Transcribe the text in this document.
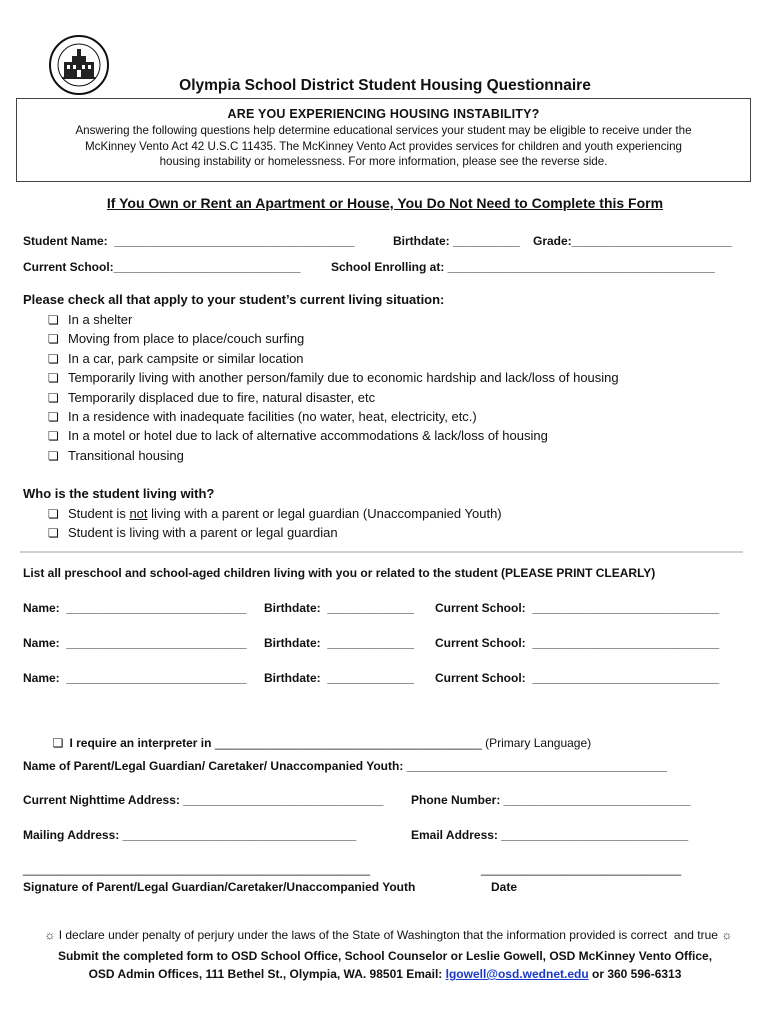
Olympia School District Student Housing Questionnaire
ARE YOU EXPERIENCING HOUSING INSTABILITY?
Answering the following questions help determine educational services your student may be eligible to receive under the
McKinney Vento Act 42 U.S.C 11435. The McKinney Vento Act provides services for children and youth experiencing
housing instability or homelessness. For more information, please see the reverse side.
If You Own or Rent an Apartment or House, You Do Not Need to Complete this Form
Student Name:  ____________________________________	Birthdate: __________ Grade:________________________
Current School:____________________________	School Enrolling at: ________________________________________
Please check all that apply to your student’s current living situation:
❏ In a shelter
❏ Moving from place to place/couch surfing
❏ In a car, park campsite or similar location
❏ Temporarily living with another person/family due to economic hardship and lack/loss of housing
❏ Temporarily displaced due to fire, natural disaster, etc
❏ In a residence with inadequate facilities (no water, heat, electricity, etc.)
❏ In a motel or hotel due to lack of alternative accommodations & lack/loss of housing
❏ Transitional housing
Who is the student living with?
❏ Student is not living with a parent or legal guardian (Unaccompanied Youth)
❏ Student is living with a parent or legal guardian
List all preschool and school-aged children living with you or related to the student (PLEASE PRINT CLEARLY)
Name:  ___________________________ Birthdate:  _____________ Current School:  ____________________________
Name:  ___________________________ Birthdate:  _____________ Current School:  ____________________________
Name:  ___________________________ Birthdate:  _____________ Current School:  ____________________________

❏ I require an interpreter in ________________________________________ (Primary Language)

Name of Parent/Legal Guardian/ Caretaker/ Unaccompanied Youth: _______________________________________
Current Nighttime Address: ______________________________ Phone Number: ____________________________
Mailing Address: ___________________________________	Email Address: ____________________________
____________________________________________________	______________________________
Signature of Parent/Legal Guardian/Caretaker/Unaccompanied Youth	Date

☼ I declare under penalty of perjury under the laws of the State of Washington that the information provided is correct  and true ☼

Submit the completed form to OSD School Office, School Counselor or Leslie Gowell, OSD McKinney Vento Office,
OSD Admin Offices, 111 Bethel St., Olympia, WA. 98501 Email: lgowell@osd.wednet.edu or 360 596-6313
